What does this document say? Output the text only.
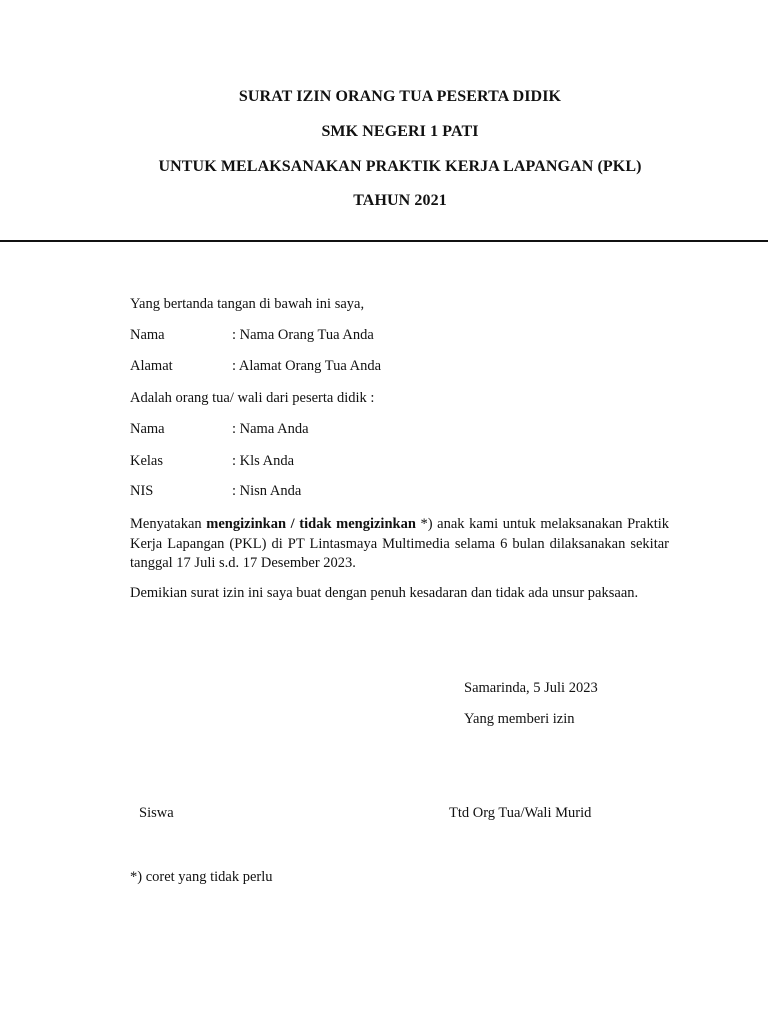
SURAT IZIN ORANG TUA PESERTA DIDIK
SMK NEGERI 1 PATI
UNTUK MELAKSANAKAN PRAKTIK KERJA LAPANGAN (PKL)
TAHUN 2021
Yang bertanda tangan di bawah ini saya,
Nama	: Nama Orang Tua Anda
Alamat	: Alamat Orang Tua Anda
Adalah orang tua/ wali dari peserta didik :
Nama	: Nama Anda
Kelas	: Kls Anda
NIS	: Nisn Anda
Menyatakan mengizinkan / tidak mengizinkan *) anak kami untuk melaksanakan Praktik Kerja Lapangan (PKL) di PT Lintasmaya Multimedia selama 6 bulan dilaksanakan sekitar tanggal 17 Juli s.d. 17 Desember 2023.
Demikian surat izin ini saya buat dengan penuh kesadaran dan tidak ada unsur paksaan.
Samarinda, 5 Juli 2023
Yang memberi izin
Siswa	Ttd Org Tua/Wali Murid
*) coret yang tidak perlu
